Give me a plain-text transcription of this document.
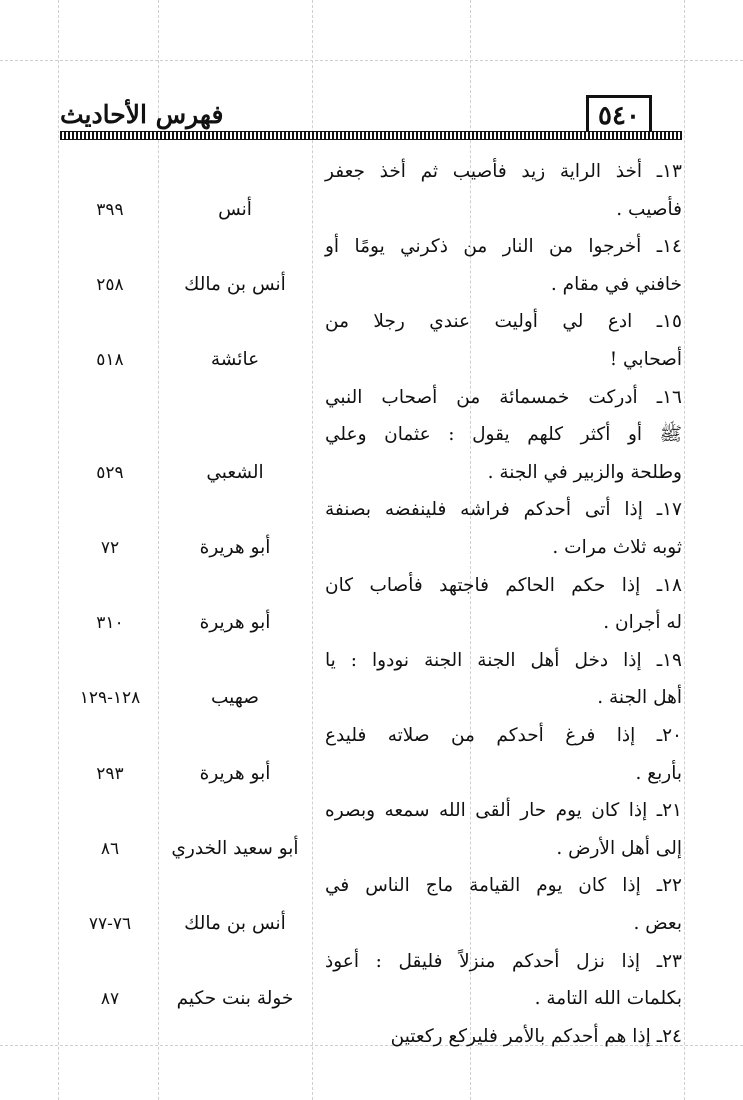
فهرس الأحاديث	٥٤٠
١٣ـ أخذ الراية زيد فأصيب ثم أخذ جعفر
فأصيب .
أنس
٣٩٩
١٤ـ أخرجوا من النار من ذكرني يومًا أو
خافني في مقام .
أنس بن مالك
٢٥٨
١٥ـ ادع لي أوليت عندي رجلا من
أصحابي !
عائشة
٥١٨
١٦ـ أدركت خمسمائة من أصحاب النبي
ﷺ أو أكثر كلهم يقول : عثمان وعلي
وطلحة والزبير في الجنة .
الشعبي
٥٢٩
١٧ـ إذا أتى أحدكم فراشه فلينفضه بصنفة
ثوبه ثلاث مرات .
أبو هريرة
٧٢
١٨ـ إذا حكم الحاكم فاجتهد فأصاب كان
له أجران .
أبو هريرة
٣١٠
١٩ـ إذا دخل أهل الجنة الجنة نودوا : يا
أهل الجنة .
صهيب
١٢٨-١٢٩
٢٠ـ إذا فرغ أحدكم من صلاته فليدع
بأربع .
أبو هريرة
٢٩٣
٢١ـ إذا كان يوم حار ألقى الله سمعه وبصره
إلى أهل الأرض .
أبو سعيد الخدري
٨٦
٢٢ـ إذا كان يوم القيامة ماج الناس في
بعض .
أنس بن مالك
٧٦-٧٧
٢٣ـ إذا نزل أحدكم منزلاً فليقل : أعوذ
بكلمات الله التامة .
خولة بنت حكيم
٨٧
٢٤ـ إذا هم أحدكم بالأمر فليركع ركعتين
